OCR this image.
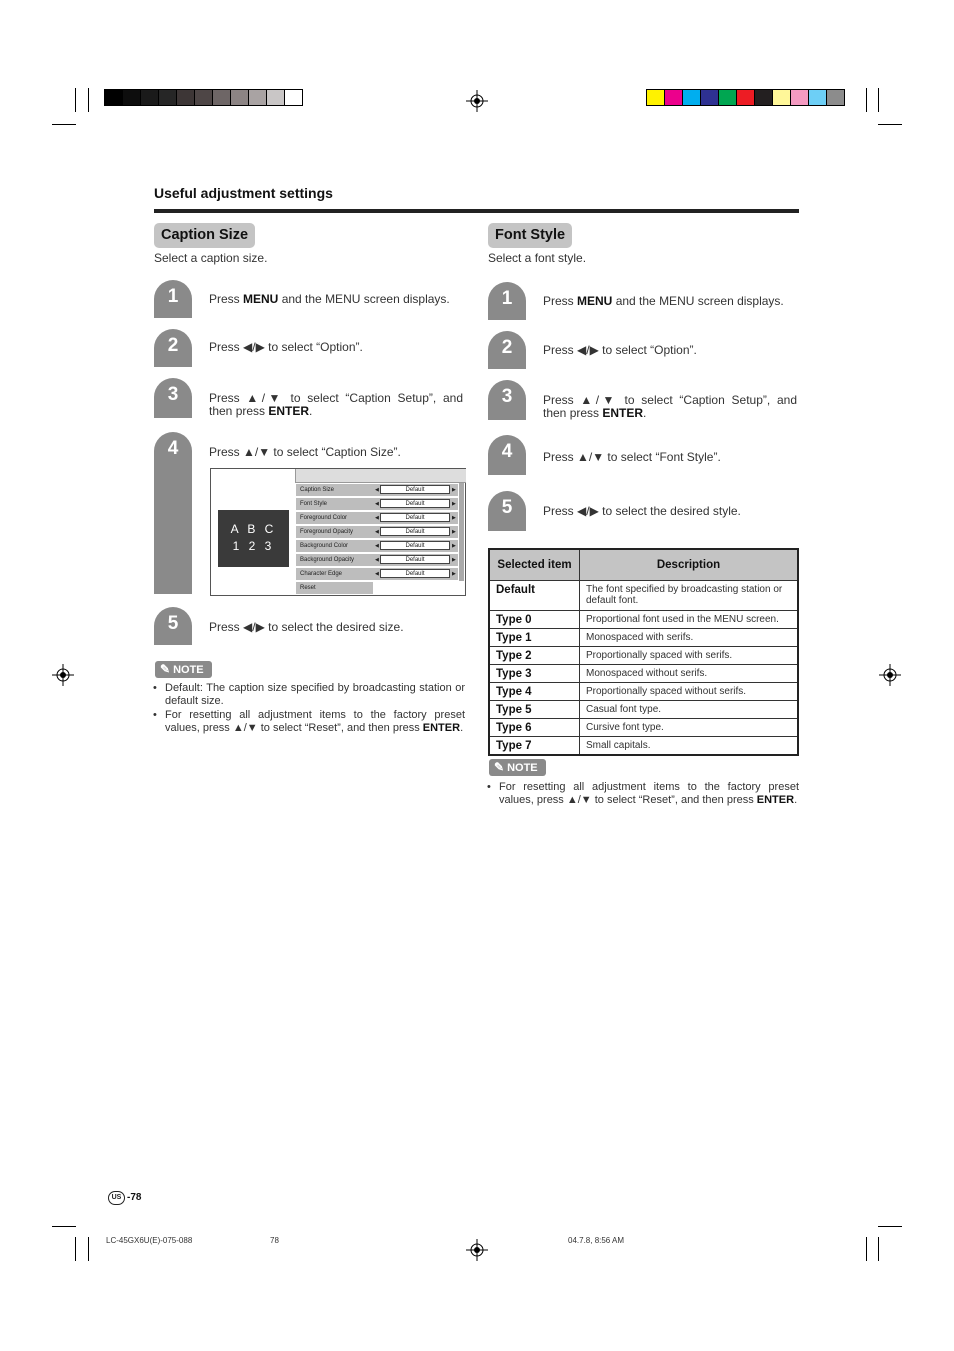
Useful adjustment settings
Caption Size
Select a caption size.
1	Press MENU and the MENU screen displays.
2	Press ◀/▶ to select “Option”.
3	Press ▲/▼ to select “Caption Setup”, and
then press ENTER.
4	Press ▲/▼ to select “Caption Size”.
A B C
1 2 3
Caption Size	◀	Default	▶
Font Style	◀	Default	▶
Foreground Color	◀	Default	▶
Foreground Opacity	◀	Default	▶
Background Color	◀	Default	▶
Background Opacity	◀	Default	▶
Character Edge	◀	Default	▶
Reset
5	Press ◀/▶ to select the desired size.
✎ NOTE
• Default: The caption size specified by broadcasting station or default size.
• For resetting all adjustment items to the factory preset values, press ▲/▼ to select “Reset”, and then press ENTER.
Font Style
Select a font style.
1	Press MENU and the MENU screen displays.
2	Press ◀/▶ to select “Option”.
3	Press ▲/▼ to select “Caption Setup”, and
then press ENTER.
4	Press ▲/▼ to select “Font Style”.
5	Press ◀/▶ to select the desired style.
Selected item	Description
Default	The font specified by broadcasting station or default font.
Type 0	Proportional font used in the MENU screen.
Type 1	Monospaced with serifs.
Type 2	Proportionally spaced with serifs.
Type 3	Monospaced without serifs.
Type 4	Proportionally spaced without serifs.
Type 5	Casual font type.
Type 6	Cursive font type.
Type 7	Small capitals.
✎ NOTE
• For resetting all adjustment items to the factory preset values, press ▲/▼ to select “Reset”, and then press ENTER.
US -78
LC-45GX6U(E)-075-088	78	04.7.8, 8:56 AM
